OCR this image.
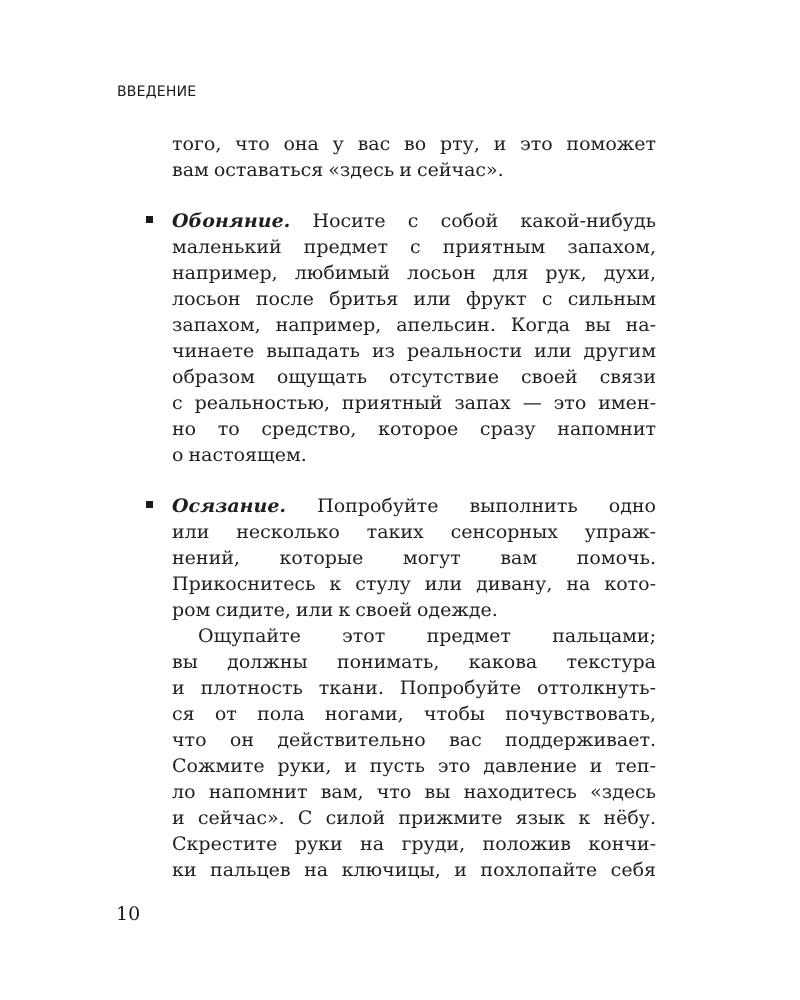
ВВЕДЕНИЕ
того, что она у вас во рту, и это поможет
вам оставаться «здесь и сейчас».
Обоняние. Носите с собой какой-нибудь
маленький предмет с приятным запахом,
например, любимый лосьон для рук, духи,
лосьон после бритья или фрукт с сильным
запахом, например, апельсин. Когда вы на-
чинаете выпадать из реальности или другим
образом ощущать отсутствие своей связи
с реальностью, приятный запах — это имен-
но то средство, которое сразу напомнит
о настоящем.
Осязание. Попробуйте выполнить одно
или несколько таких сенсорных упраж-
нений, которые могут вам помочь.
Прикоснитесь к стулу или дивану, на кото-
ром сидите, или к своей одежде.
Ощупайте этот предмет пальцами;
вы должны понимать, какова текстура
и плотность ткани. Попробуйте оттолкнуть-
ся от пола ногами, чтобы почувствовать,
что он действительно вас поддерживает.
Сожмите руки, и пусть это давление и теп-
ло напомнит вам, что вы находитесь «здесь
и сейчас». С силой прижмите язык к нёбу.
Скрестите руки на груди, положив кончи-
ки пальцев на ключицы, и похлопайте себя
10
